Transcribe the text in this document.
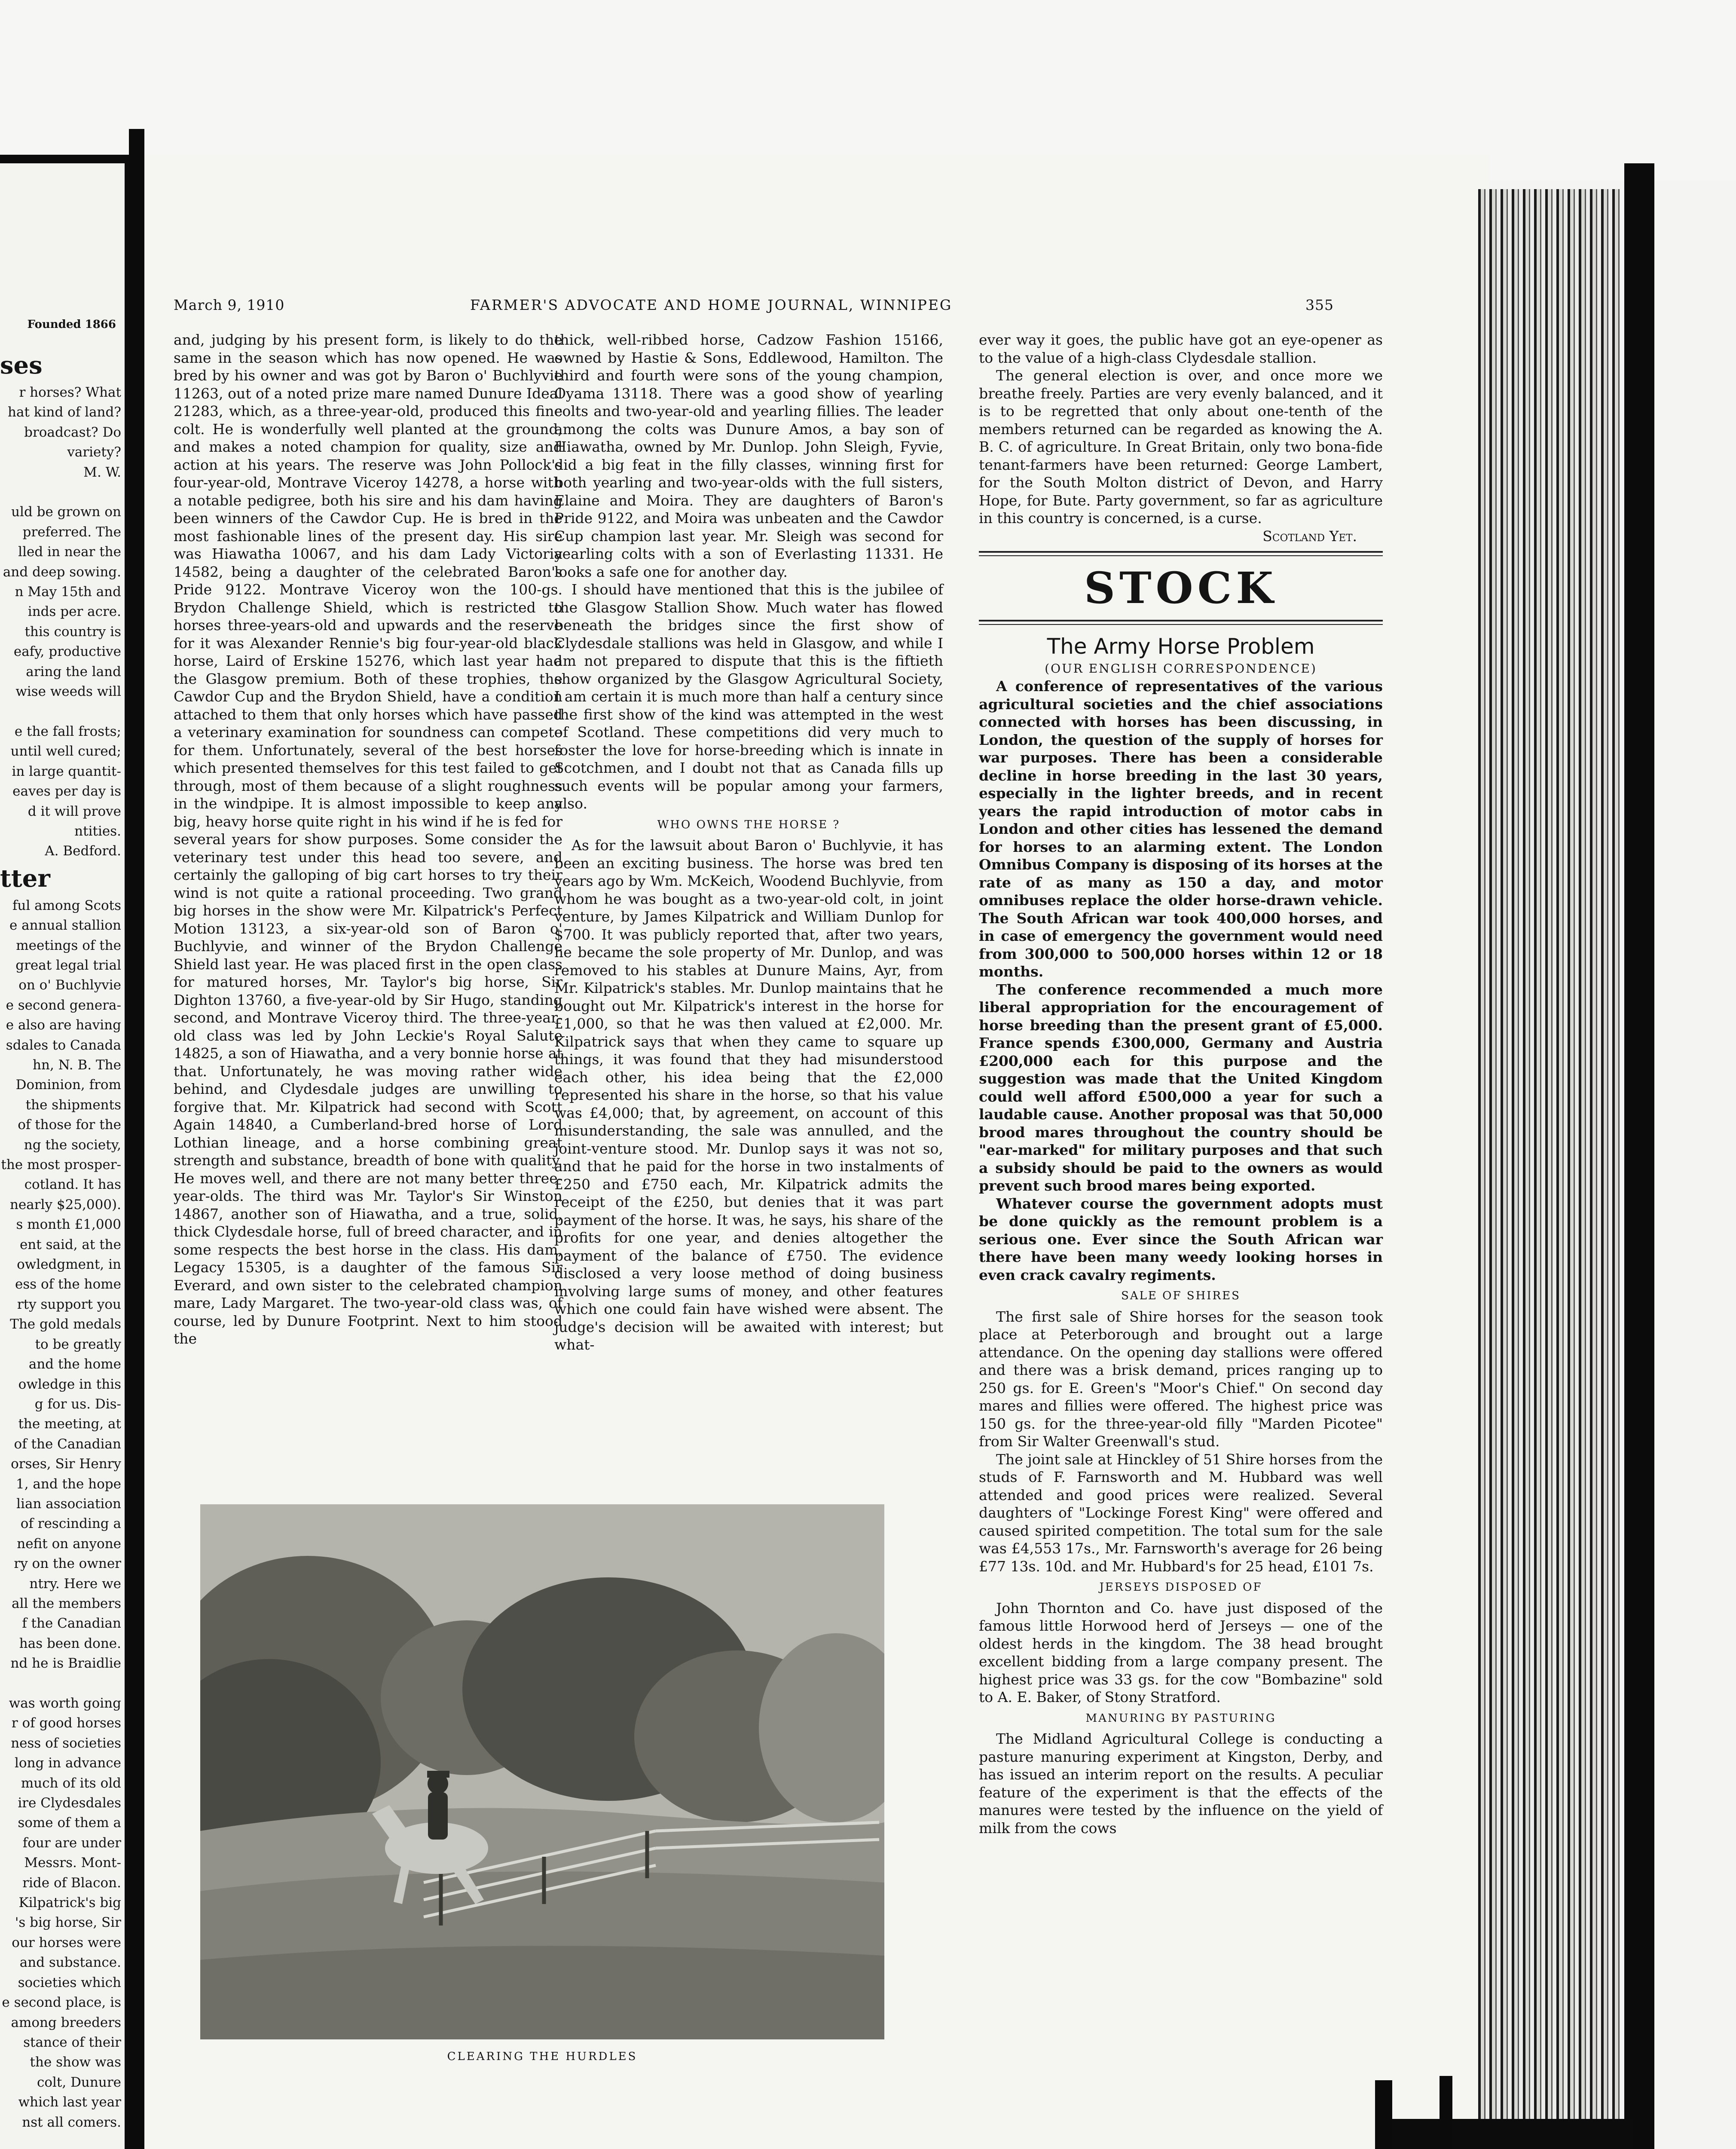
Founded 1866
ses
r horses? What
hat kind of land?
broadcast? Do
variety?
M. W.

uld be grown on
preferred. The
lled in near the
and deep sowing.
n May 15th and
inds per acre.
this country is
eafy, productive
aring the land
wise weeds will

e the fall frosts;
until well cured;
in large quantit-
eaves per day is
d it will prove
ntities.
A. Bedford.
tter
ful among Scots
e annual stallion
meetings of the
great legal trial
on o' Buchlyvie
e second genera-
e also are having
sdales to Canada
hn, N. B. The
Dominion, from
the shipments
of those for the
ng the society,
the most prosper-
cotland. It has
nearly $25,000).
s month £1,000
ent said, at the
owledgment, in
ess of the home
rty support you
The gold medals
to be greatly
and the home
owledge in this
g for us. Dis-
the meeting, at
of the Canadian
orses, Sir Henry
1, and the hope
lian association
of rescinding a
nefit on anyone
ry on the owner
ntry. Here we
all the members
f the Canadian
has been done.
nd he is Braidlie

was worth going
r of good horses
ness of societies
long in advance
much of its old
ire Clydesdales
some of them a
four are under
Messrs. Mont-
ride of Blacon.
Kilpatrick's big
's big horse, Sir
our horses were
and substance.
societies which
e second place, is
among breeders
stance of their
the show was
colt, Dunure
which last year
nst all comers.
March 9, 1910	FARMER'S ADVOCATE AND HOME JOURNAL, WINNIPEG	355

and, judging by his present form, is likely to do the same in the season which has now opened. He was bred by his owner and was got by Baron o' Buchlyvie 11263, out of a noted prize mare named Dunure Ideal 21283, which, as a three-year-old, produced this fine colt. He is wonderfully well planted at the ground, and makes a noted champion for quality, size and action at his years. The reserve was John Pollock's four-year-old, Montrave Viceroy 14278, a horse with a notable pedigree, both his sire and his dam having been winners of the Cawdor Cup. He is bred in the most fashionable lines of the present day. His sire was Hiawatha 10067, and his dam Lady Victoria 14582, being a daughter of the celebrated Baron's Pride 9122. Montrave Viceroy won the 100-gs. Brydon Challenge Shield, which is restricted to horses three-years-old and upwards and the reserve for it was Alexander Rennie's big four-year-old black horse, Laird of Erskine 15276, which last year had the Glasgow premium. Both of these trophies, the Cawdor Cup and the Brydon Shield, have a condition attached to them that only horses which have passed a veterinary examination for soundness can compete for them. Unfortunately, several of the best horses which presented themselves for this test failed to get through, most of them because of a slight roughness in the windpipe. It is almost impossible to keep any big, heavy horse quite right in his wind if he is fed for several years for show purposes. Some consider the veterinary test under this head too severe, and certainly the galloping of big cart horses to try their wind is not quite a rational proceeding. Two grand big horses in the show were Mr. Kilpatrick's Perfect Motion 13123, a six-year-old son of Baron o' Buchlyvie, and winner of the Brydon Challenge Shield last year. He was placed first in the open class for matured horses, Mr. Taylor's big horse, Sir Dighton 13760, a five-year-old by Sir Hugo, standing second, and Montrave Viceroy third. The three-year-old class was led by John Leckie's Royal Salute 14825, a son of Hiawatha, and a very bonnie horse at that. Unfortunately, he was moving rather wide behind, and Clydesdale judges are unwilling to forgive that. Mr. Kilpatrick had second with Scott Again 14840, a Cumberland-bred horse of Lord Lothian lineage, and a horse combining great strength and substance, breadth of bone with quality. He moves well, and there are not many better three-year-olds. The third was Mr. Taylor's Sir Winston 14867, another son of Hiawatha, and a true, solid, thick Clydesdale horse, full of breed character, and in some respects the best horse in the class. His dam, Legacy 15305, is a daughter of the famous Sir Everard, and own sister to the celebrated champion mare, Lady Margaret. The two-year-old class was, of course, led by Dunure Footprint. Next to him stood the

thick, well-ribbed horse, Cadzow Fashion 15166, owned by Hastie & Sons, Eddlewood, Hamilton. The third and fourth were sons of the young champion, Oyama 13118. There was a good show of yearling colts and two-year-old and yearling fillies. The leader among the colts was Dunure Amos, a bay son of Hiawatha, owned by Mr. Dunlop. John Sleigh, Fyvie, did a big feat in the filly classes, winning first for both yearling and two-year-olds with the full sisters, Elaine and Moira. They are daughters of Baron's Pride 9122, and Moira was unbeaten and the Cawdor Cup champion last year. Mr. Sleigh was second for yearling colts with a son of Everlasting 11331. He looks a safe one for another day.

I should have mentioned that this is the jubilee of the Glasgow Stallion Show. Much water has flowed beneath the bridges since the first show of Clydesdale stallions was held in Glasgow, and while I am not prepared to dispute that this is the fiftieth show organized by the Glasgow Agricultural Society, I am certain it is much more than half a century since the first show of the kind was attempted in the west of Scotland. These competitions did very much to foster the love for horse-breeding which is innate in Scotchmen, and I doubt not that as Canada fills up such events will be popular among your farmers, also.

WHO OWNS THE HORSE ?

As for the lawsuit about Baron o' Buchlyvie, it has been an exciting business. The horse was bred ten years ago by Wm. McKeich, Woodend Buchlyvie, from whom he was bought as a two-year-old colt, in joint venture, by James Kilpatrick and William Dunlop for $700. It was publicly reported that, after two years, he became the sole property of Mr. Dunlop, and was removed to his stables at Dunure Mains, Ayr, from Mr. Kilpatrick's stables. Mr. Dunlop maintains that he bought out Mr. Kilpatrick's interest in the horse for £1,000, so that he was then valued at £2,000. Mr. Kilpatrick says that when they came to square up things, it was found that they had misunderstood each other, his idea being that the £2,000 represented his share in the horse, so that his value was £4,000; that, by agreement, on account of this misunderstanding, the sale was annulled, and the joint-venture stood. Mr. Dunlop says it was not so, and that he paid for the horse in two instalments of £250 and £750 each, Mr. Kilpatrick admits the receipt of the £250, but denies that it was part payment of the horse. It was, he says, his share of the profits for one year, and denies altogether the payment of the balance of £750. The evidence disclosed a very loose method of doing business involving large sums of money, and other features which one could fain have wished were absent. The judge's decision will be awaited with interest; but what-

ever way it goes, the public have got an eye-opener as to the value of a high-class Clydesdale stallion.

The general election is over, and once more we breathe freely. Parties are very evenly balanced, and it is to be regretted that only about one-tenth of the members returned can be regarded as knowing the A. B. C. of agriculture. In Great Britain, only two bona-fide tenant-farmers have been returned: George Lambert, for the South Molton district of Devon, and Harry Hope, for Bute. Party government, so far as agriculture in this country is concerned, is a curse.

Scotland Yet.

STOCK
The Army Horse Problem
(OUR ENGLISH CORRESPONDENCE)

A conference of representatives of the various agricultural societies and the chief associations connected with horses has been discussing, in London, the question of the supply of horses for war purposes. There has been a considerable decline in horse breeding in the last 30 years, especially in the lighter breeds, and in recent years the rapid introduction of motor cabs in London and other cities has lessened the demand for horses to an alarming extent. The London Omnibus Company is disposing of its horses at the rate of as many as 150 a day, and motor omnibuses replace the older horse-drawn vehicle. The South African war took 400,000 horses, and in case of emergency the government would need from 300,000 to 500,000 horses within 12 or 18 months.

The conference recommended a much more liberal appropriation for the encouragement of horse breeding than the present grant of £5,000. France spends £300,000, Germany and Austria £200,000 each for this purpose and the suggestion was made that the United Kingdom could well afford £500,000 a year for such a laudable cause. Another proposal was that 50,000 brood mares throughout the country should be "ear-marked" for military purposes and that such a subsidy should be paid to the owners as would prevent such brood mares being exported.

Whatever course the government adopts must be done quickly as the remount problem is a serious one. Ever since the South African war there have been many weedy looking horses in even crack cavalry regiments.

SALE OF SHIRES

The first sale of Shire horses for the season took place at Peterborough and brought out a large attendance. On the opening day stallions were offered and there was a brisk demand, prices ranging up to 250 gs. for E. Green's "Moor's Chief." On second day mares and fillies were offered. The highest price was 150 gs. for the three-year-old filly "Marden Picotee" from Sir Walter Greenwall's stud.

The joint sale at Hinckley of 51 Shire horses from the studs of F. Farnsworth and M. Hubbard was well attended and good prices were realized. Several daughters of "Lockinge Forest King" were offered and caused spirited competition. The total sum for the sale was £4,553 17s., Mr. Farnsworth's average for 26 being £77 13s. 10d. and Mr. Hubbard's for 25 head, £101 7s.

JERSEYS DISPOSED OF

John Thornton and Co. have just disposed of the famous little Horwood herd of Jerseys — one of the oldest herds in the kingdom. The 38 head brought excellent bidding from a large company present. The highest price was 33 gs. for the cow "Bombazine" sold to A. E. Baker, of Stony Stratford.

MANURING BY PASTURING

The Midland Agricultural College is conducting a pasture manuring experiment at Kingston, Derby, and has issued an interim report on the results. A peculiar feature of the experiment is that the effects of the manures were tested by the influence on the yield of milk from the cows

CLEARING THE HURDLES
